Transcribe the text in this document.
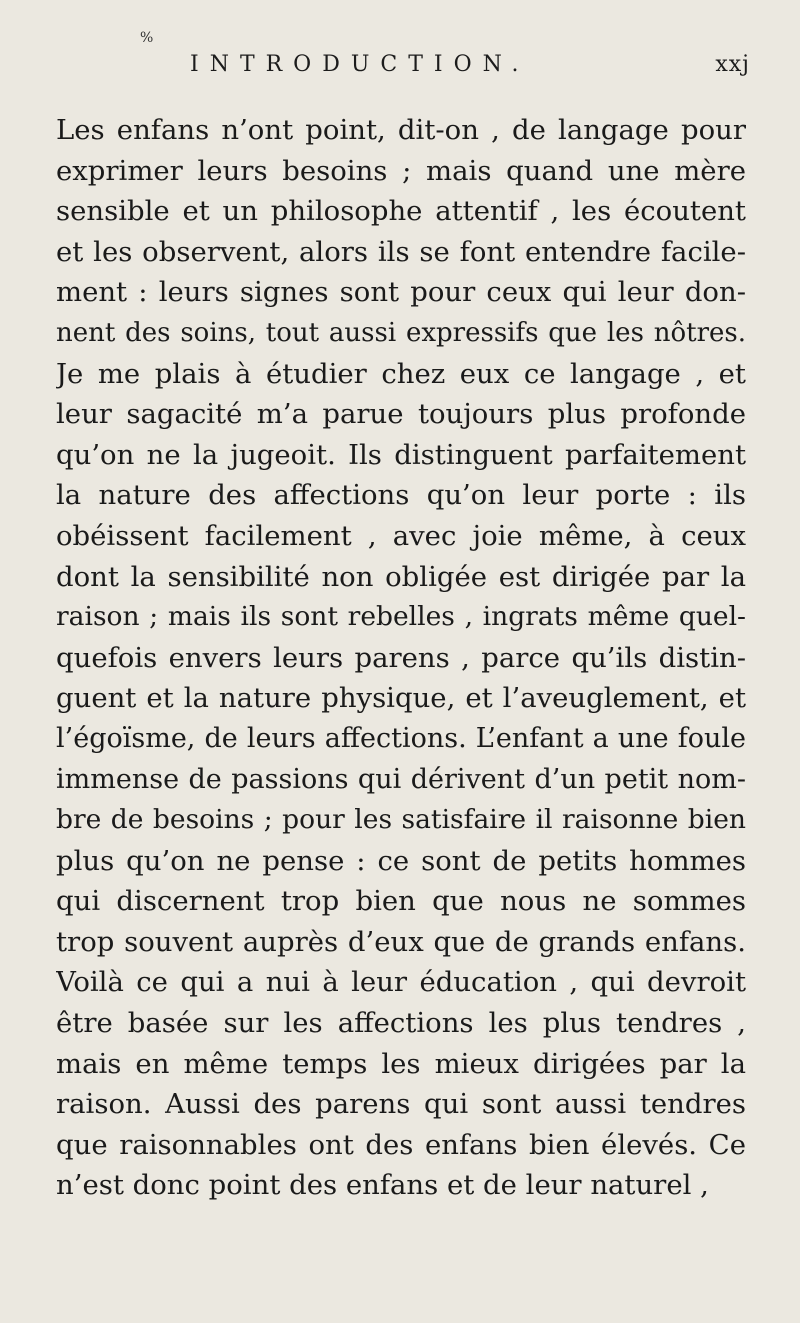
%
INTRODUCTION.	xxj
Les enfans n’ont point, dit-on , de langage pour
exprimer leurs besoins ; mais quand une mère
sensible et un philosophe attentif , les écoutent
et les observent, alors ils se font entendre facile-
ment : leurs signes sont pour ceux qui leur don-
nent des soins, tout aussi expressifs que les nôtres.
Je me plais à étudier chez eux ce langage , et
leur sagacité m’a parue toujours plus profonde
qu’on ne la jugeoit. Ils distinguent parfaitement
la nature des affections qu’on leur porte : ils
obéissent facilement , avec joie même, à ceux
dont la sensibilité non obligée est dirigée par la
raison ; mais ils sont rebelles , ingrats même quel-
quefois envers leurs parens , parce qu’ils distin-
guent et la nature physique, et l’aveuglement, et
l’égoïsme, de leurs affections. L’enfant a une foule
immense de passions qui dérivent d’un petit nom-
bre de besoins ; pour les satisfaire il raisonne bien
plus qu’on ne pense : ce sont de petits hommes
qui discernent trop bien que nous ne sommes
trop souvent auprès d’eux que de grands enfans.
Voilà ce qui a nui à leur éducation , qui devroit
être basée sur les affections les plus tendres ,
mais en même temps les mieux dirigées par la
raison. Aussi des parens qui sont aussi tendres
que raisonnables ont des enfans bien élevés. Ce
n’est donc point des enfans et de leur naturel ,
